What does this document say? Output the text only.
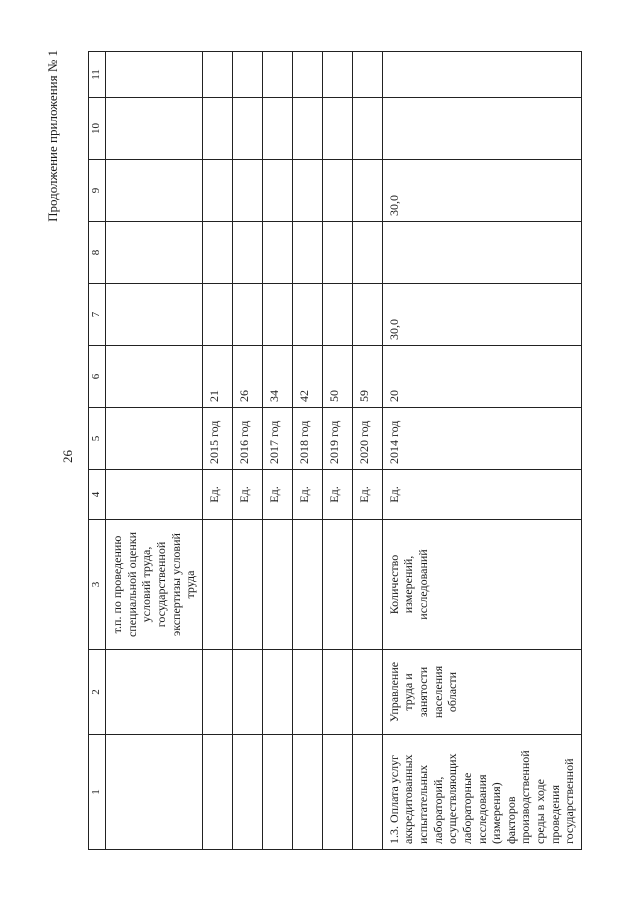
26
Продолжение приложения № 1
1	2	3	4	5	6	7	8	9	10	11
		т.п. по проведению специальной оценки условий труда, государственной экспертизы условий труда								
			Ед.	2015 год	21					
			Ед.	2016 год	26					
			Ед.	2017 год	34					
			Ед.	2018 год	42					
			Ед.	2019 год	50					
			Ед.	2020 год	59					
1.3. Оплата услуг аккредитованных испытательных лабораторий, осуществляющих лабораторные исследования (измерения) факторов производственной среды в ходе проведения государственной	Управление труда и занятости населения области	Количество измерений, исследований	Ед.	2014 год	20	30,0		30,0		
